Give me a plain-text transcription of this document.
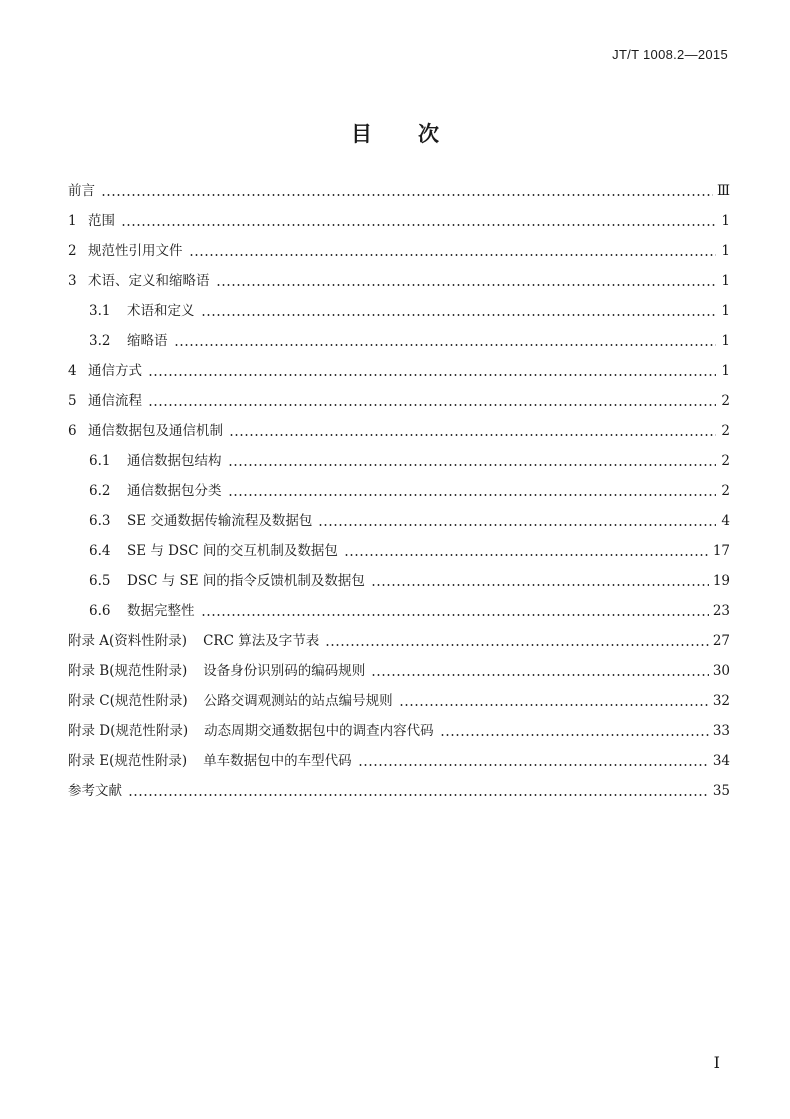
JT/T 1008.2—2015
目次
前言	Ⅲ
1 范围	1
2 规范性引用文件	1
3 术语、定义和缩略语	1
3.1	术语和定义	1
3.2	缩略语	1
4 通信方式	1
5 通信流程	2
6 通信数据包及通信机制	2
6.1	通信数据包结构	2
6.2	通信数据包分类	2
6.3	SE 交通数据传输流程及数据包	4
6.4	SE 与 DSC 间的交互机制及数据包	17
6.5	DSC 与 SE 间的指令反馈机制及数据包	19
6.6	数据完整性	23
附录 A(资料性附录) CRC 算法及字节表	27
附录 B(规范性附录) 设备身份识别码的编码规则	30
附录 C(规范性附录) 公路交调观测站的站点编号规则	32
附录 D(规范性附录) 动态周期交通数据包中的调查内容代码	33
附录 E(规范性附录) 单车数据包中的车型代码	34
参考文献	35
I
